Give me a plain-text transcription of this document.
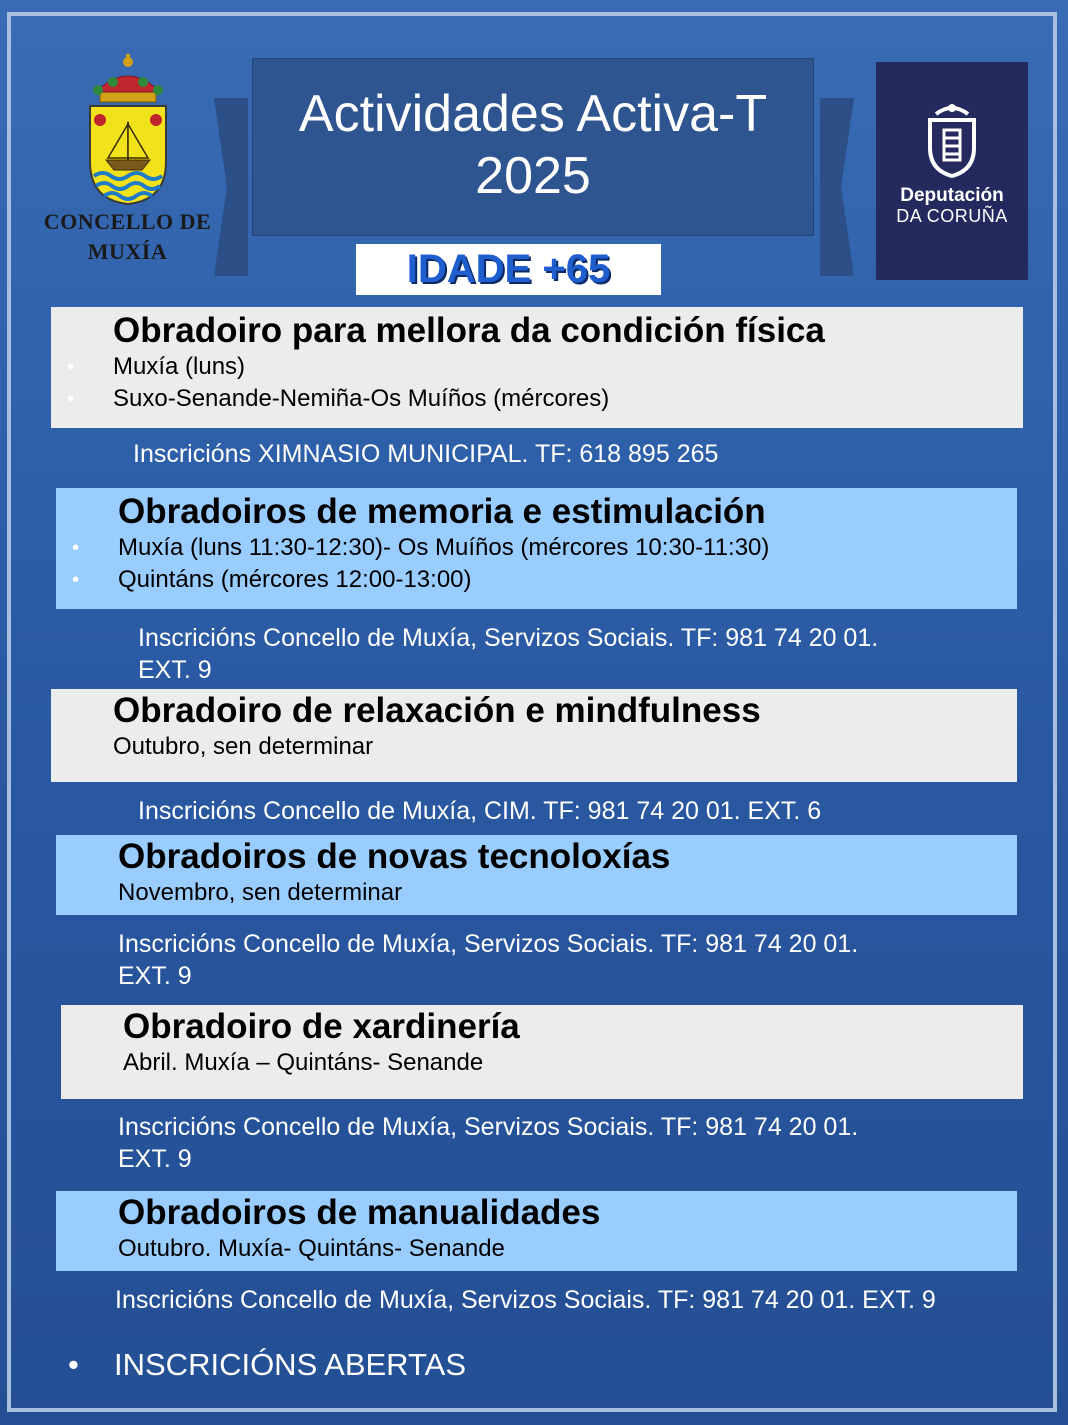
CONCELLO DE
MUXÍA
Actividades Activa-T
2025
IDADE +65
Deputación
DA CORUÑA
Obradoiro para mellora da condición física
• Muxía (luns)
• Suxo-Senande-Nemiña-Os Muíños (mércores)
Inscricións XIMNASIO MUNICIPAL. TF: 618 895 265
Obradoiros de memoria e estimulación
• Muxía (luns 11:30-12:30)- Os Muíños (mércores 10:30-11:30)
• Quintáns (mércores 12:00-13:00)
Inscricións Concello de Muxía, Servizos Sociais. TF: 981 74 20 01.
EXT. 9
Obradoiro de relaxación e mindfulness
Outubro, sen determinar
Inscricións Concello de Muxía, CIM. TF: 981 74 20 01. EXT. 6
Obradoiros de novas tecnoloxías
Novembro, sen determinar
Inscricións Concello de Muxía, Servizos Sociais. TF: 981 74 20 01.
EXT. 9
Obradoiro de xardinería
Abril. Muxía – Quintáns- Senande
Inscricións Concello de Muxía, Servizos Sociais. TF: 981 74 20 01.
EXT. 9
Obradoiros de manualidades
Outubro. Muxía- Quintáns- Senande
Inscricións Concello de Muxía, Servizos Sociais. TF: 981 74 20 01. EXT. 9
• INSCRICIÓNS ABERTAS
